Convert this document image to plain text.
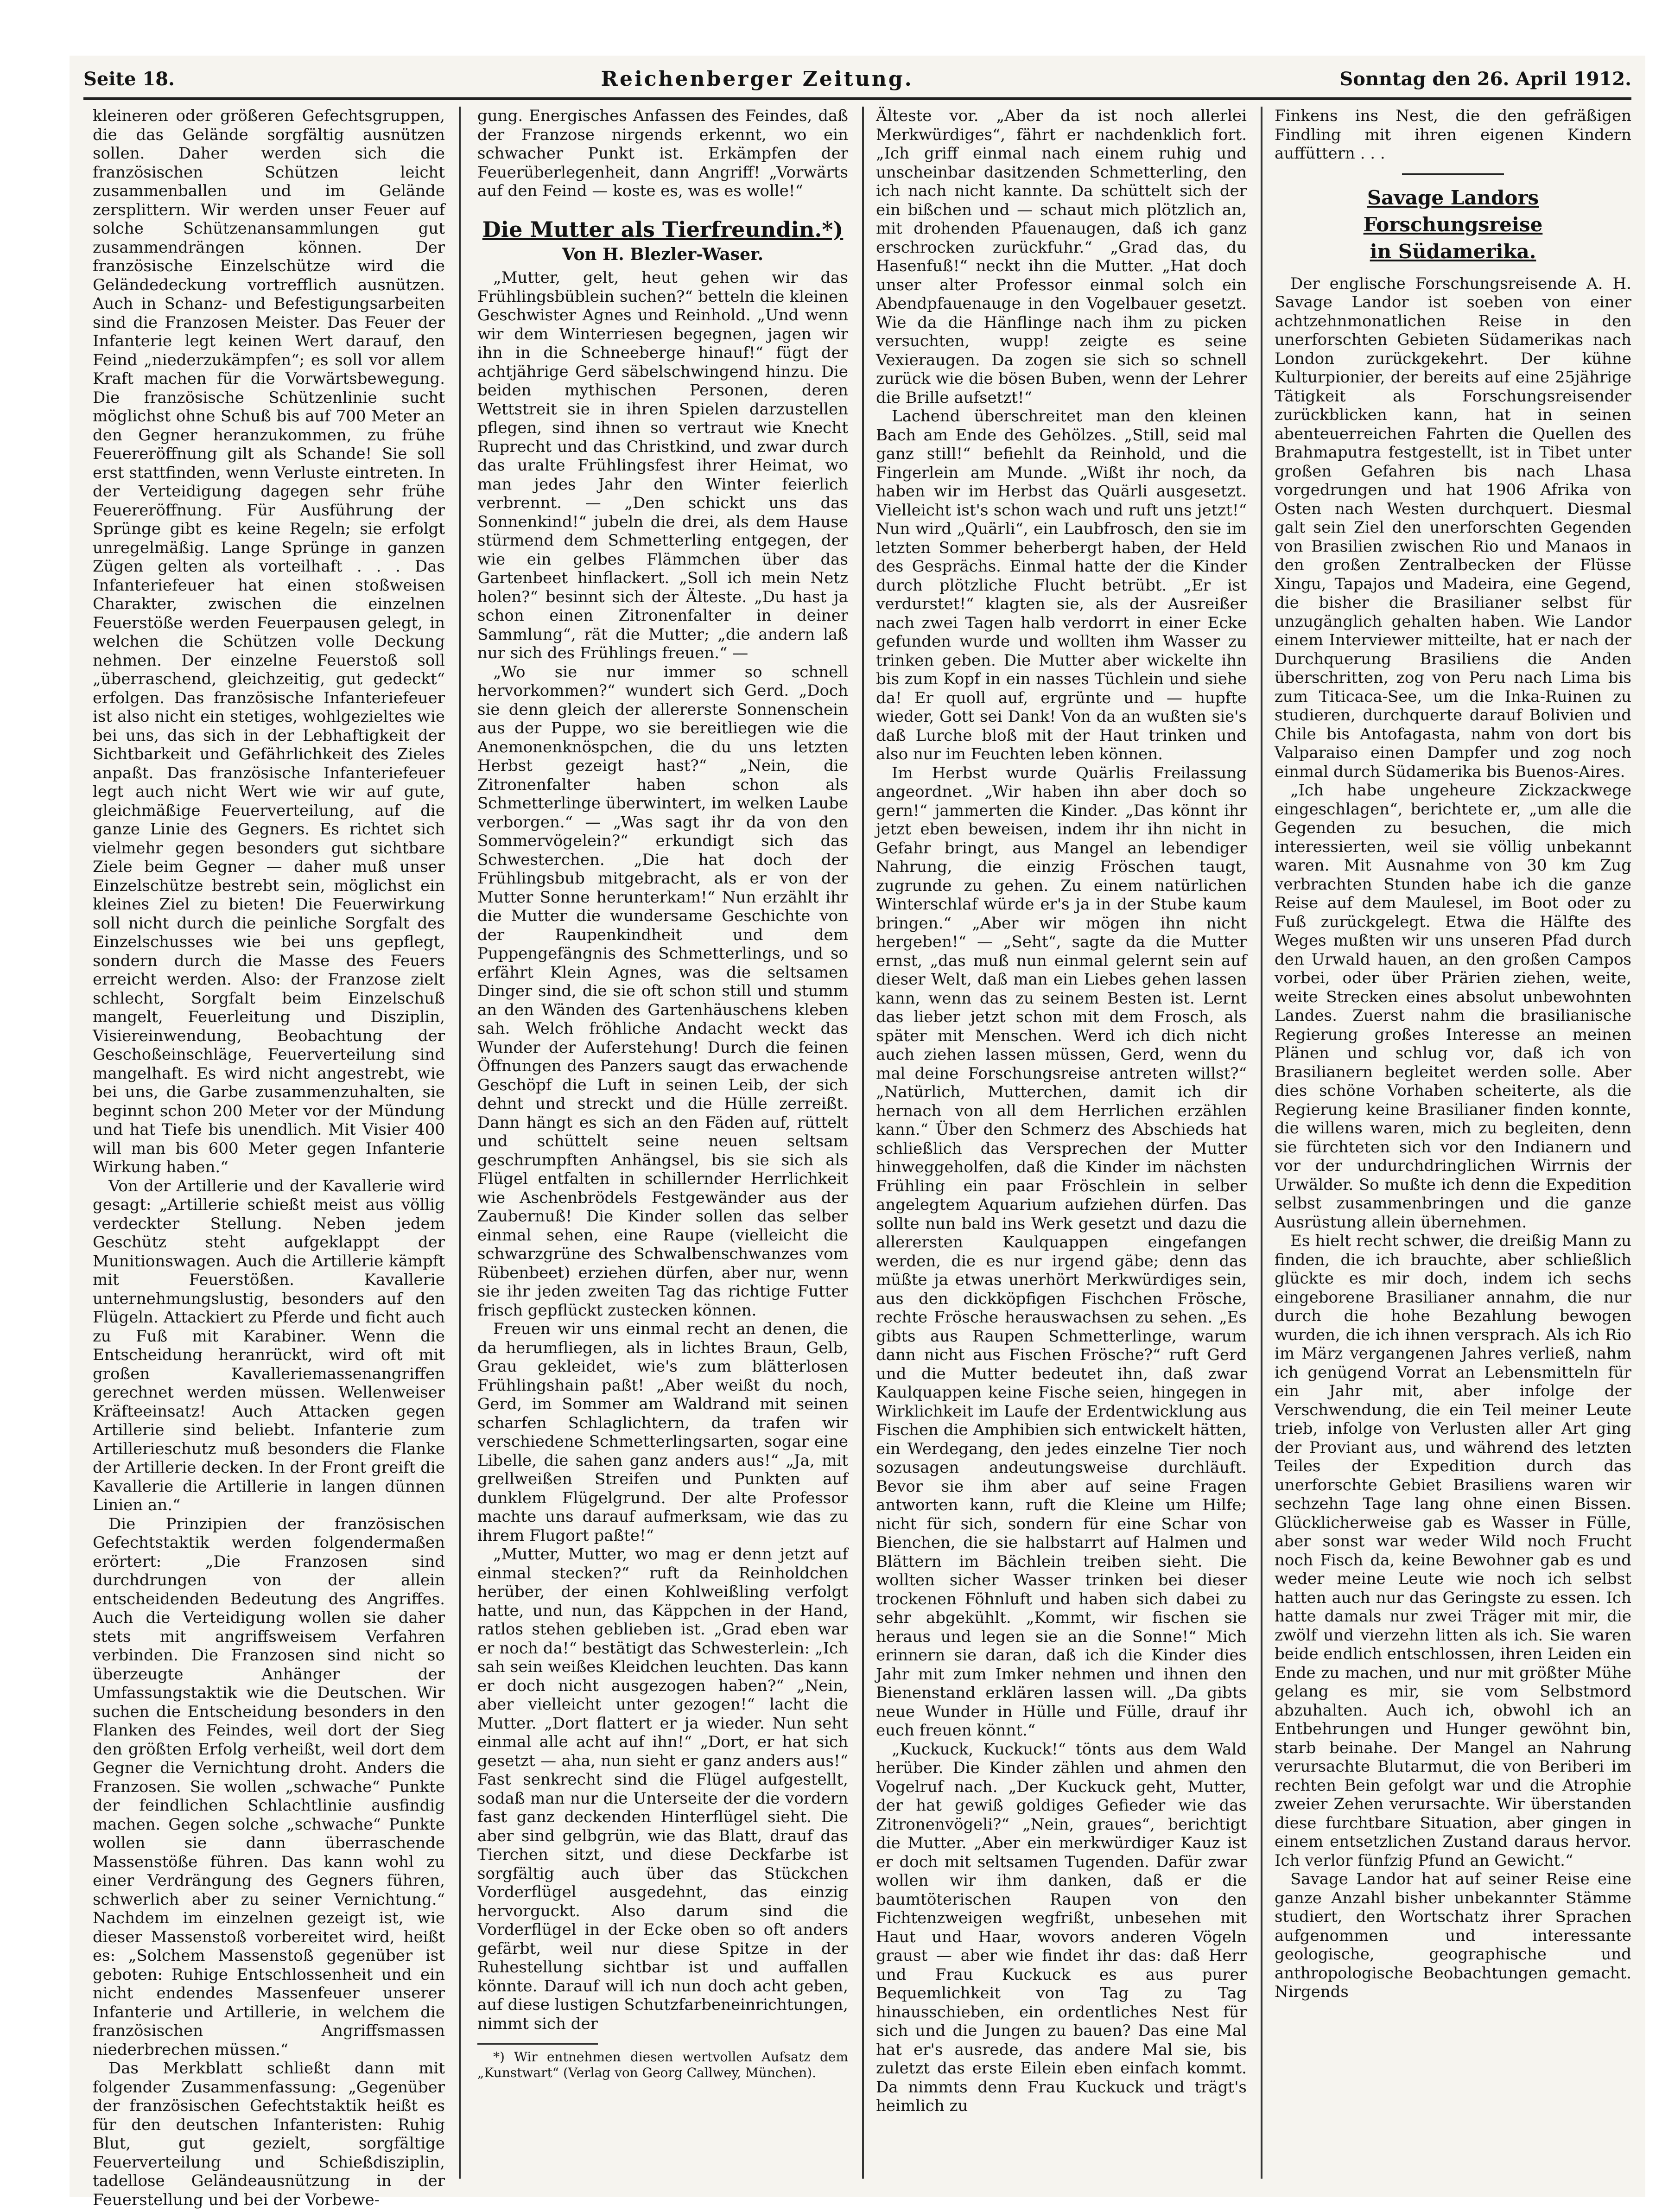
Seite 18.	Reichenberger Zeitung.	Sonntag den 26. April 1912.

kleineren oder größeren Gefechtsgruppen, die das Gelände sorgfältig ausnützen sollen. Daher werden sich die französischen Schützen leicht zusammenballen und im Gelände zersplittern. Wir werden unser Feuer auf solche Schützenansammlungen gut zusammendrängen können. Der französische Einzelschütze wird die Geländedeckung vortrefflich ausnützen. Auch in Schanz- und Befestigungsarbeiten sind die Franzosen Meister. Das Feuer der Infanterie legt keinen Wert darauf, den Feind „niederzukämpfen“; es soll vor allem Kraft machen für die Vorwärtsbewegung. Die französische Schützenlinie sucht möglichst ohne Schuß bis auf 700 Meter an den Gegner heranzukommen, zu frühe Feuereröffnung gilt als Schande! Sie soll erst stattfinden, wenn Verluste eintreten. In der Verteidigung dagegen sehr frühe Feuereröffnung. Für Ausführung der Sprünge gibt es keine Regeln; sie erfolgt unregelmäßig. Lange Sprünge in ganzen Zügen gelten als vorteilhaft . . . Das Infanteriefeuer hat einen stoßweisen Charakter, zwischen die einzelnen Feuerstöße werden Feuerpausen gelegt, in welchen die Schützen volle Deckung nehmen. Der einzelne Feuerstoß soll „überraschend, gleichzeitig, gut gedeckt“ erfolgen. Das französische Infanteriefeuer ist also nicht ein stetiges, wohlgezieltes wie bei uns, das sich in der Lebhaftigkeit der Sichtbarkeit und Gefährlichkeit des Zieles anpaßt. Das französische Infanteriefeuer legt auch nicht Wert wie wir auf gute, gleichmäßige Feuerverteilung, auf die ganze Linie des Gegners. Es richtet sich vielmehr gegen besonders gut sichtbare Ziele beim Gegner — daher muß unser Einzelschütze bestrebt sein, möglichst ein kleines Ziel zu bieten! Die Feuerwirkung soll nicht durch die peinliche Sorgfalt des Einzelschusses wie bei uns gepflegt, sondern durch die Masse des Feuers erreicht werden. Also: der Franzose zielt schlecht, Sorgfalt beim Einzelschuß mangelt, Feuerleitung und Disziplin, Visiereinwendung, Beobachtung der Geschoßeinschläge, Feuerverteilung sind mangelhaft. Es wird nicht angestrebt, wie bei uns, die Garbe zusammenzuhalten, sie beginnt schon 200 Meter vor der Mündung und hat Tiefe bis unendlich. Mit Visier 400 will man bis 600 Meter gegen Infanterie Wirkung haben.“

Von der Artillerie und der Kavallerie wird gesagt: „Artillerie schießt meist aus völlig verdeckter Stellung. Neben jedem Geschütz steht aufgeklappt der Munitionswagen. Auch die Artillerie kämpft mit Feuerstößen. Kavallerie unternehmungslustig, besonders auf den Flügeln. Attackiert zu Pferde und ficht auch zu Fuß mit Karabiner. Wenn die Entscheidung heranrückt, wird oft mit großen Kavalleriemassenangriffen gerechnet werden müssen. Wellenweiser Kräfteeinsatz! Auch Attacken gegen Artillerie sind beliebt. Infanterie zum Artillerieschutz muß besonders die Flanke der Artillerie decken. In der Front greift die Kavallerie die Artillerie in langen dünnen Linien an.“

Die Prinzipien der französischen Gefechtstaktik werden folgendermaßen erörtert: „Die Franzosen sind durchdrungen von der allein entscheidenden Bedeutung des Angriffes. Auch die Verteidigung wollen sie daher stets mit angriffsweisem Verfahren verbinden. Die Franzosen sind nicht so überzeugte Anhänger der Umfassungstaktik wie die Deutschen. Wir suchen die Entscheidung besonders in den Flanken des Feindes, weil dort der Sieg den größten Erfolg verheißt, weil dort dem Gegner die Vernichtung droht. Anders die Franzosen. Sie wollen „schwache“ Punkte der feindlichen Schlachtlinie ausfindig machen. Gegen solche „schwache“ Punkte wollen sie dann überraschende Massenstöße führen. Das kann wohl zu einer Verdrängung des Gegners führen, schwerlich aber zu seiner Vernichtung.“ Nachdem im einzelnen gezeigt ist, wie dieser Massenstoß vorbereitet wird, heißt es: „Solchem Massenstoß gegenüber ist geboten: Ruhige Entschlossenheit und ein nicht endendes Massenfeuer unserer Infanterie und Artillerie, in welchem die französischen Angriffsmassen niederbrechen müssen.“

Das Merkblatt schließt dann mit folgender Zusammenfassung: „Gegenüber der französischen Gefechtstaktik heißt es für den deutschen Infanteristen: Ruhig Blut, gut gezielt, sorgfältige Feuerverteilung und Schießdisziplin, tadellose Geländeausnützung in der Feuerstellung und bei der Vorbewe-

gung. Energisches Anfassen des Feindes, daß der Franzose nirgends erkennt, wo ein schwacher Punkt ist. Erkämpfen der Feuerüberlegenheit, dann Angriff! „Vorwärts auf den Feind — koste es, was es wolle!“

Die Mutter als Tierfreundin.*)
Von H. Blezler-Waser.

„Mutter, gelt, heut gehen wir das Frühlingsbüblein suchen?“ betteln die kleinen Geschwister Agnes und Reinhold. „Und wenn wir dem Winterriesen begegnen, jagen wir ihn in die Schneeberge hinauf!“ fügt der achtjährige Gerd säbelschwingend hinzu. Die beiden mythischen Personen, deren Wettstreit sie in ihren Spielen darzustellen pflegen, sind ihnen so vertraut wie Knecht Ruprecht und das Christkind, und zwar durch das uralte Frühlingsfest ihrer Heimat, wo man jedes Jahr den Winter feierlich verbrennt. — „Den schickt uns das Sonnenkind!“ jubeln die drei, als dem Hause stürmend dem Schmetterling entgegen, der wie ein gelbes Flämmchen über das Gartenbeet hinflackert. „Soll ich mein Netz holen?“ besinnt sich der Älteste. „Du hast ja schon einen Zitronenfalter in deiner Sammlung“, rät die Mutter; „die andern laß nur sich des Frühlings freuen.“ —

„Wo sie nur immer so schnell hervorkommen?“ wundert sich Gerd. „Doch sie denn gleich der allererste Sonnenschein aus der Puppe, wo sie bereitliegen wie die Anemonenknöspchen, die du uns letzten Herbst gezeigt hast?“ „Nein, die Zitronenfalter haben schon als Schmetterlinge überwintert, im welken Laube verborgen.“ — „Was sagt ihr da von den Sommervögelein?“ erkundigt sich das Schwesterchen. „Die hat doch der Frühlingsbub mitgebracht, als er von der Mutter Sonne herunterkam!“ Nun erzählt ihr die Mutter die wundersame Geschichte von der Raupenkindheit und dem Puppengefängnis des Schmetterlings, und so erfährt Klein Agnes, was die seltsamen Dinger sind, die sie oft schon still und stumm an den Wänden des Gartenhäuschens kleben sah. Welch fröhliche Andacht weckt das Wunder der Auferstehung! Durch die feinen Öffnungen des Panzers saugt das erwachende Geschöpf die Luft in seinen Leib, der sich dehnt und streckt und die Hülle zerreißt. Dann hängt es sich an den Fäden auf, rüttelt und schüttelt seine neuen seltsam geschrumpften Anhängsel, bis sie sich als Flügel entfalten in schillernder Herrlichkeit wie Aschenbrödels Festgewänder aus der Zaubernuß! Die Kinder sollen das selber einmal sehen, eine Raupe (vielleicht die schwarzgrüne des Schwalbenschwanzes vom Rübenbeet) erziehen dürfen, aber nur, wenn sie ihr jeden zweiten Tag das richtige Futter frisch gepflückt zustecken können.

Freuen wir uns einmal recht an denen, die da herumfliegen, als in lichtes Braun, Gelb, Grau gekleidet, wie's zum blätterlosen Frühlingshain paßt! „Aber weißt du noch, Gerd, im Sommer am Waldrand mit seinen scharfen Schlaglichtern, da trafen wir verschiedene Schmetterlingsarten, sogar eine Libelle, die sahen ganz anders aus!“ „Ja, mit grellweißen Streifen und Punkten auf dunklem Flügelgrund. Der alte Professor machte uns darauf aufmerksam, wie das zu ihrem Flugort paßte!“

„Mutter, Mutter, wo mag er denn jetzt auf einmal stecken?“ ruft da Reinholdchen herüber, der einen Kohlweißling verfolgt hatte, und nun, das Käppchen in der Hand, ratlos stehen geblieben ist. „Grad eben war er noch da!“ bestätigt das Schwesterlein: „Ich sah sein weißes Kleidchen leuchten. Das kann er doch nicht ausgezogen haben?“ „Nein, aber vielleicht unter gezogen!“ lacht die Mutter. „Dort flattert er ja wieder. Nun seht einmal alle acht auf ihn!“ „Dort, er hat sich gesetzt — aha, nun sieht er ganz anders aus!“ Fast senkrecht sind die Flügel aufgestellt, sodaß man nur die Unterseite der die vordern fast ganz deckenden Hinterflügel sieht. Die aber sind gelbgrün, wie das Blatt, drauf das Tierchen sitzt, und diese Deckfarbe ist sorgfältig auch über das Stückchen Vorderflügel ausgedehnt, das einzig hervorguckt. Also darum sind die Vorderflügel in der Ecke oben so oft anders gefärbt, weil nur diese Spitze in der Ruhestellung sichtbar ist und auffallen könnte. Darauf will ich nun doch acht geben, auf diese lustigen Schutzfarbeneinrichtungen, nimmt sich der

*) Wir entnehmen diesen wertvollen Aufsatz dem „Kunstwart“ (Verlag von Georg Callwey, München).

Älteste vor. „Aber da ist noch allerlei Merkwürdiges“, fährt er nachdenklich fort. „Ich griff einmal nach einem ruhig und unscheinbar dasitzenden Schmetterling, den ich nach nicht kannte. Da schüttelt sich der ein bißchen und — schaut mich plötzlich an, mit drohenden Pfauenaugen, daß ich ganz erschrocken zurückfuhr.“ „Grad das, du Hasenfuß!“ neckt ihn die Mutter. „Hat doch unser alter Professor einmal solch ein Abendpfauenauge in den Vogelbauer gesetzt. Wie da die Hänflinge nach ihm zu picken versuchten, wupp! zeigte es seine Vexieraugen. Da zogen sie sich so schnell zurück wie die bösen Buben, wenn der Lehrer die Brille aufsetzt!“

Lachend überschreitet man den kleinen Bach am Ende des Gehölzes. „Still, seid mal ganz still!“ befiehlt da Reinhold, und die Fingerlein am Munde. „Wißt ihr noch, da haben wir im Herbst das Quärli ausgesetzt. Vielleicht ist's schon wach und ruft uns jetzt!“ Nun wird „Quärli“, ein Laubfrosch, den sie im letzten Sommer beherbergt haben, der Held des Gesprächs. Einmal hatte der die Kinder durch plötzliche Flucht betrübt. „Er ist verdurstet!“ klagten sie, als der Ausreißer nach zwei Tagen halb verdorrt in einer Ecke gefunden wurde und wollten ihm Wasser zu trinken geben. Die Mutter aber wickelte ihn bis zum Kopf in ein nasses Tüchlein und siehe da! Er quoll auf, ergrünte und — hupfte wieder, Gott sei Dank! Von da an wußten sie's daß Lurche bloß mit der Haut trinken und also nur im Feuchten leben können.

Im Herbst wurde Quärlis Freilassung angeordnet. „Wir haben ihn aber doch so gern!“ jammerten die Kinder. „Das könnt ihr jetzt eben beweisen, indem ihr ihn nicht in Gefahr bringt, aus Mangel an lebendiger Nahrung, die einzig Fröschen taugt, zugrunde zu gehen. Zu einem natürlichen Winterschlaf würde er's ja in der Stube kaum bringen.“ „Aber wir mögen ihn nicht hergeben!“ — „Seht“, sagte da die Mutter ernst, „das muß nun einmal gelernt sein auf dieser Welt, daß man ein Liebes gehen lassen kann, wenn das zu seinem Besten ist. Lernt das lieber jetzt schon mit dem Frosch, als später mit Menschen. Werd ich dich nicht auch ziehen lassen müssen, Gerd, wenn du mal deine Forschungsreise antreten willst?“ „Natürlich, Mutterchen, damit ich dir hernach von all dem Herrlichen erzählen kann.“ Über den Schmerz des Abschieds hat schließlich das Versprechen der Mutter hinweggeholfen, daß die Kinder im nächsten Frühling ein paar Fröschlein in selber angelegtem Aquarium aufziehen dürfen. Das sollte nun bald ins Werk gesetzt und dazu die allerersten Kaulquappen eingefangen werden, die es nur irgend gäbe; denn das müßte ja etwas unerhört Merkwürdiges sein, aus den dickköpfigen Fischchen Frösche, rechte Frösche herauswachsen zu sehen. „Es gibts aus Raupen Schmetterlinge, warum dann nicht aus Fischen Frösche?“ ruft Gerd und die Mutter bedeutet ihn, daß zwar Kaulquappen keine Fische seien, hingegen in Wirklichkeit im Laufe der Erdentwicklung aus Fischen die Amphibien sich entwickelt hätten, ein Werdegang, den jedes einzelne Tier noch sozusagen andeutungsweise durchläuft. Bevor sie ihm aber auf seine Fragen antworten kann, ruft die Kleine um Hilfe; nicht für sich, sondern für eine Schar von Bienchen, die sie halbstarrt auf Halmen und Blättern im Bächlein treiben sieht. Die wollten sicher Wasser trinken bei dieser trockenen Föhnluft und haben sich dabei zu sehr abgekühlt. „Kommt, wir fischen sie heraus und legen sie an die Sonne!“ Mich erinnern sie daran, daß ich die Kinder dies Jahr mit zum Imker nehmen und ihnen den Bienenstand erklären lassen will. „Da gibts neue Wunder in Hülle und Fülle, drauf ihr euch freuen könnt.“

„Kuckuck, Kuckuck!“ tönts aus dem Wald herüber. Die Kinder zählen und ahmen den Vogelruf nach. „Der Kuckuck geht, Mutter, der hat gewiß goldiges Gefieder wie das Zitronenvögeli?“ „Nein, graues“, berichtigt die Mutter. „Aber ein merkwürdiger Kauz ist er doch mit seltsamen Tugenden. Dafür zwar wollen wir ihm danken, daß er die baumtöterischen Raupen von den Fichtenzweigen wegfrißt, unbesehen mit Haut und Haar, wovors anderen Vögeln graust — aber wie findet ihr das: daß Herr und Frau Kuckuck es aus purer Bequemlichkeit von Tag zu Tag hinausschieben, ein ordentliches Nest für sich und die Jungen zu bauen? Das eine Mal hat er's ausrede, das andere Mal sie, bis zuletzt das erste Eilein eben einfach kommt. Da nimmts denn Frau Kuckuck und trägt's heimlich zu

Finkens ins Nest, die den gefräßigen Findling mit ihren eigenen Kindern auffüttern . . .

Savage Landors Forschungsreise
in Südamerika.

Der englische Forschungsreisende A. H. Savage Landor ist soeben von einer achtzehnmonatlichen Reise in den unerforschten Gebieten Südamerikas nach London zurückgekehrt. Der kühne Kulturpionier, der bereits auf eine 25jährige Tätigkeit als Forschungsreisender zurückblicken kann, hat in seinen abenteuerreichen Fahrten die Quellen des Brahmaputra festgestellt, ist in Tibet unter großen Gefahren bis nach Lhasa vorgedrungen und hat 1906 Afrika von Osten nach Westen durchquert. Diesmal galt sein Ziel den unerforschten Gegenden von Brasilien zwischen Rio und Manaos in den großen Zentralbecken der Flüsse Xingu, Tapajos und Madeira, eine Gegend, die bisher die Brasilianer selbst für unzugänglich gehalten haben. Wie Landor einem Interviewer mitteilte, hat er nach der Durchquerung Brasiliens die Anden überschritten, zog von Peru nach Lima bis zum Titicaca-See, um die Inka-Ruinen zu studieren, durchquerte darauf Bolivien und Chile bis Antofagasta, nahm von dort bis Valparaiso einen Dampfer und zog noch einmal durch Südamerika bis Buenos-Aires.

„Ich habe ungeheure Zickzackwege eingeschlagen“, berichtete er, „um alle die Gegenden zu besuchen, die mich interessierten, weil sie völlig unbekannt waren. Mit Ausnahme von 30 km Zug verbrachten Stunden habe ich die ganze Reise auf dem Maulesel, im Boot oder zu Fuß zurückgelegt. Etwa die Hälfte des Weges mußten wir uns unseren Pfad durch den Urwald hauen, an den großen Campos vorbei, oder über Prärien ziehen, weite, weite Strecken eines absolut unbewohnten Landes. Zuerst nahm die brasilianische Regierung großes Interesse an meinen Plänen und schlug vor, daß ich von Brasilianern begleitet werden solle. Aber dies schöne Vorhaben scheiterte, als die Regierung keine Brasilianer finden konnte, die willens waren, mich zu begleiten, denn sie fürchteten sich vor den Indianern und vor der undurchdringlichen Wirrnis der Urwälder. So mußte ich denn die Expedition selbst zusammenbringen und die ganze Ausrüstung allein übernehmen.

Es hielt recht schwer, die dreißig Mann zu finden, die ich brauchte, aber schließlich glückte es mir doch, indem ich sechs eingeborene Brasilianer annahm, die nur durch die hohe Bezahlung bewogen wurden, die ich ihnen versprach. Als ich Rio im März vergangenen Jahres verließ, nahm ich genügend Vorrat an Lebensmitteln für ein Jahr mit, aber infolge der Verschwendung, die ein Teil meiner Leute trieb, infolge von Verlusten aller Art ging der Proviant aus, und während des letzten Teiles der Expedition durch das unerforschte Gebiet Brasiliens waren wir sechzehn Tage lang ohne einen Bissen. Glücklicherweise gab es Wasser in Fülle, aber sonst war weder Wild noch Frucht noch Fisch da, keine Bewohner gab es und weder meine Leute wie noch ich selbst hatten auch nur das Geringste zu essen. Ich hatte damals nur zwei Träger mit mir, die zwölf und vierzehn litten als ich. Sie waren beide endlich entschlossen, ihren Leiden ein Ende zu machen, und nur mit größter Mühe gelang es mir, sie vom Selbstmord abzuhalten. Auch ich, obwohl ich an Entbehrungen und Hunger gewöhnt bin, starb beinahe. Der Mangel an Nahrung verursachte Blutarmut, die von Beriberi im rechten Bein gefolgt war und die Atrophie zweier Zehen verursachte. Wir überstanden diese furchtbare Situation, aber gingen in einem entsetzlichen Zustand daraus hervor. Ich verlor fünfzig Pfund an Gewicht.“

Savage Landor hat auf seiner Reise eine ganze Anzahl bisher unbekannter Stämme studiert, den Wortschatz ihrer Sprachen aufgenommen und interessante geologische, geographische und anthropologische Beobachtungen gemacht. Nirgends
